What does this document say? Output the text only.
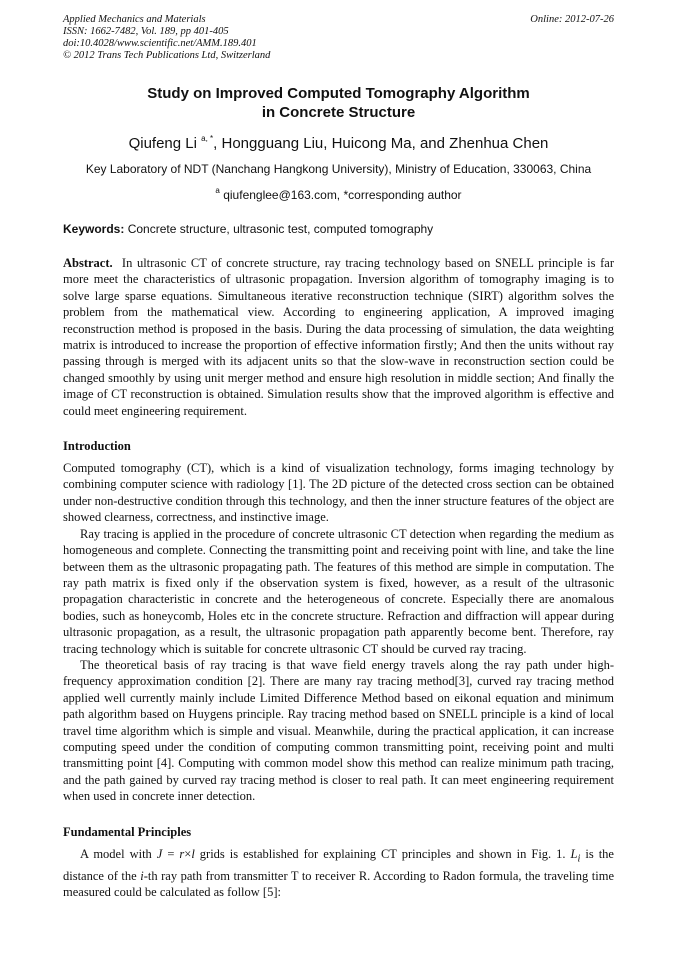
Applied Mechanics and Materials
ISSN: 1662-7482, Vol. 189, pp 401-405
doi:10.4028/www.scientific.net/AMM.189.401
© 2012 Trans Tech Publications Ltd, Switzerland
Online: 2012-07-26
Study on Improved Computed Tomography Algorithm
in Concrete Structure
Qiufeng Li $^{a, *}$, Hongguang Liu, Huicong Ma, and Zhenhua Chen
Key Laboratory of NDT (Nanchang Hangkong University), Ministry of Education, 330063, China
$^a$ qiufenglee@163.com, *corresponding author
Keywords: Concrete structure, ultrasonic test, computed tomography
Abstract. In ultrasonic CT of concrete structure, ray tracing technology based on SNELL principle is far more meet the characteristics of ultrasonic propagation. Inversion algorithm of tomography imaging is to solve large sparse equations. Simultaneous iterative reconstruction technique (SIRT) algorithm solves the problem from the mathematical view. According to engineering application, A improved imaging reconstruction method is proposed in the basis. During the data processing of simulation, the data weighting matrix is introduced to increase the proportion of effective information firstly; And then the units without ray passing through is merged with its adjacent units so that the slow-wave in reconstruction section could be changed smoothly by using unit merger method and ensure high resolution in middle section; And finally the image of CT reconstruction is obtained. Simulation results show that the improved algorithm is effective and could meet engineering requirement.
Introduction
Computed tomography (CT), which is a kind of visualization technology, forms imaging technology by combining computer science with radiology [1]. The 2D picture of the detected cross section can be obtained under non-destructive condition through this technology, and then the inner structure features of the object are showed clearness, correctness, and instinctive image.
Ray tracing is applied in the procedure of concrete ultrasonic CT detection when regarding the medium as homogeneous and complete. Connecting the transmitting point and receiving point with line, and take the line between them as the ultrasonic propagating path. The features of this method are simple in computation. The ray path matrix is fixed only if the observation system is fixed, however, as a result of the ultrasonic propagation characteristic in concrete and the heterogeneous of concrete. Especially there are anomalous bodies, such as honeycomb, Holes etc in the concrete structure. Refraction and diffraction will appear during ultrasonic propagation, as a result, the ultrasonic propagation path apparently become bent. Therefore, ray tracing technology which is suitable for concrete ultrasonic CT should be curved ray tracing.
The theoretical basis of ray tracing is that wave field energy travels along the ray path under high-frequency approximation condition [2]. There are many ray tracing method[3], curved ray tracing method applied well currently mainly include Limited Difference Method based on eikonal equation and minimum path algorithm based on Huygens principle. Ray tracing method based on SNELL principle is a kind of local travel time algorithm which is simple and visual. Meanwhile, during the practical application, it can increase computing speed under the condition of computing common transmitting point, receiving point and multi transmitting point [4]. Computing with common model show this method can realize minimum path tracing, and the path gained by curved ray tracing method is closer to real path. It can meet engineering requirement when used in concrete inner detection.
Fundamental Principles
A model with J = r×l grids is established for explaining CT principles and shown in Fig. 1. $L_i$ is the distance of the i-th ray path from transmitter T to receiver R. According to Radon formula, the traveling time measured could be calculated as follow [5]:
